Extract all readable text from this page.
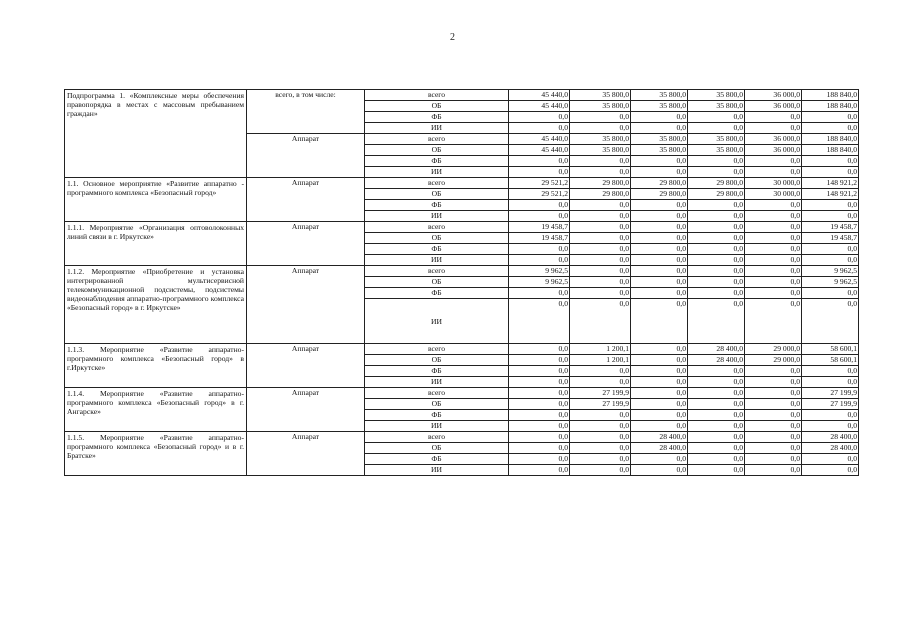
2
Подпрограмма 1. «Комплексные меры обеспечения правопорядка в местах с массовым пребыванием граждан»	всего, в том числе:	всего	45 440,0	35 800,0	35 800,0	35 800,0	36 000,0	188 840,0
		ОБ	45 440,0	35 800,0	35 800,0	35 800,0	36 000,0	188 840,0
		ФБ	0,0	0,0	0,0	0,0	0,0	0,0
		ИИ	0,0	0,0	0,0	0,0	0,0	0,0
	Аппарат	всего	45 440,0	35 800,0	35 800,0	35 800,0	36 000,0	188 840,0
		ОБ	45 440,0	35 800,0	35 800,0	35 800,0	36 000,0	188 840,0
		ФБ	0,0	0,0	0,0	0,0	0,0	0,0
		ИИ	0,0	0,0	0,0	0,0	0,0	0,0
1.1. Основное мероприятие «Развитие аппаратно - программного комплекса «Безопасный город»	Аппарат	всего	29 521,2	29 800,0	29 800,0	29 800,0	30 000,0	148 921,2
		ОБ	29 521,2	29 800,0	29 800,0	29 800,0	30 000,0	148 921,2
		ФБ	0,0	0,0	0,0	0,0	0,0	0,0
		ИИ	0,0	0,0	0,0	0,0	0,0	0,0
1.1.1. Мероприятие «Организация оптоволоконных линий связи в г. Иркутске»	Аппарат	всего	19 458,7	0,0	0,0	0,0	0,0	19 458,7
		ОБ	19 458,7	0,0	0,0	0,0	0,0	19 458,7
		ФБ	0,0	0,0	0,0	0,0	0,0	0,0
		ИИ	0,0	0,0	0,0	0,0	0,0	0,0
1.1.2. Мероприятие «Приобретение и установка интегрированной мультисервисной телекоммуникационной подсистемы, подсистемы видеонаблюдения аппаратно-программного комплекса «Безопасный город» в г. Иркутске»	Аппарат	всего	9 962,5	0,0	0,0	0,0	0,0	9 962,5
		ОБ	9 962,5	0,0	0,0	0,0	0,0	9 962,5
		ФБ	0,0	0,0	0,0	0,0	0,0	0,0
		ИИ	0,0	0,0	0,0	0,0	0,0	0,0
1.1.3. Мероприятие «Развитие аппаратно-программного комплекса «Безопасный город» в г.Иркутске»	Аппарат	всего	0,0	1 200,1	0,0	28 400,0	29 000,0	58 600,1
		ОБ	0,0	1 200,1	0,0	28 400,0	29 000,0	58 600,1
		ФБ	0,0	0,0	0,0	0,0	0,0	0,0
		ИИ	0,0	0,0	0,0	0,0	0,0	0,0
1.1.4. Мероприятие «Развитие аппаратно-программного комплекса «Безопасный город» в г. Ангарске»	Аппарат	всего	0,0	27 199,9	0,0	0,0	0,0	27 199,9
		ОБ	0,0	27 199,9	0,0	0,0	0,0	27 199,9
		ФБ	0,0	0,0	0,0	0,0	0,0	0,0
		ИИ	0,0	0,0	0,0	0,0	0,0	0,0
1.1.5. Мероприятие «Развитие аппаратно-программного комплекса «Безопасный город» и в г. Братске»	Аппарат	всего	0,0	0,0	28 400,0	0,0	0,0	28 400,0
		ОБ	0,0	0,0	28 400,0	0,0	0,0	28 400,0
		ФБ	0,0	0,0	0,0	0,0	0,0	0,0
		ИИ	0,0	0,0	0,0	0,0	0,0	0,0
